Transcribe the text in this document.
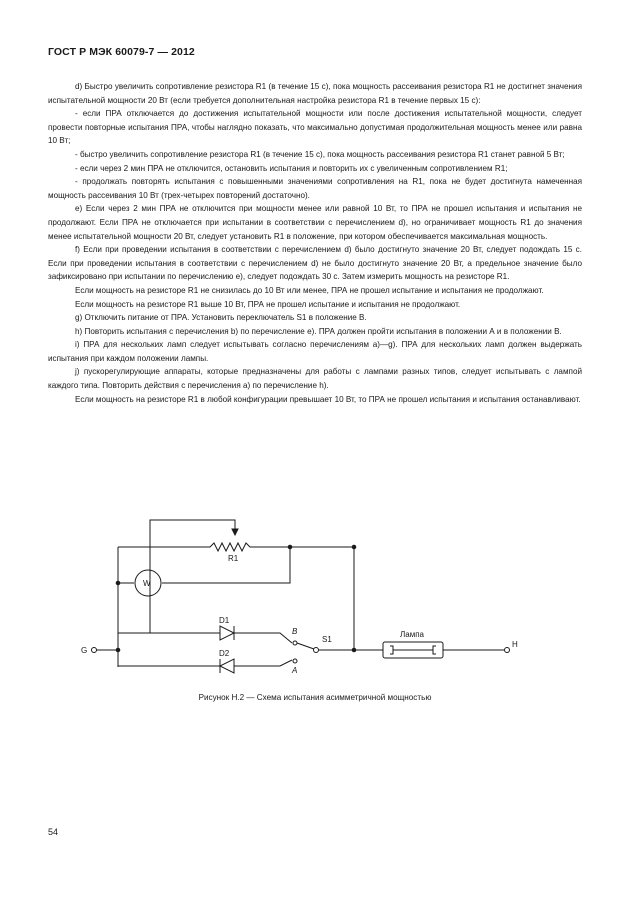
ГОСТ Р МЭК 60079-7 — 2012

d) Быстро увеличить сопротивление резистора R1 (в течение 15 с), пока мощность рассеивания резистора R1 не достигнет значения испытательной мощности 20 Вт (если требуется дополнительная настройка резистора R1 в течение первых 15 с):

- если ПРА отключается до достижения испытательной мощности или после достижения испытательной мощности, следует провести повторные испытания ПРА, чтобы наглядно показать, что максимально допустимая продолжительная мощность менее или равна 10 Вт;

- быстро увеличить сопротивление резистора R1 (в течение 15 с), пока мощность рассеивания резистора R1 станет равной 5 Вт;

- если через 2 мин ПРА не отключится, остановить испытания и повторить их с увеличенным сопротивлением R1;

- продолжать повторять испытания с повышенными значениями сопротивления на R1, пока не будет достигнута намеченная мощность рассеивания 10 Вт (трех-четырех повторений достаточно).

e) Если через 2 мин ПРА не отключится при мощности менее или равной 10 Вт, то ПРА не прошел испытания и испытания не продолжают. Если ПРА не отключается при испытании в соответствии с перечислением d), но ограничивает мощность R1 до значения менее испытательной мощности 20 Вт, следует установить R1 в положение, при котором обеспечивается максимальная мощность.

f) Если при проведении испытания в соответствии с перечислением d) было достигнуто значение 20 Вт, следует подождать 15 с. Если при проведении испытания в соответствии с перечислением d) не было достигнуто значение 20 Вт, а предельное значение было зафиксировано при испытании по перечислению e), следует подождать 30 с. Затем измерить мощность на резисторе R1.

Если мощность на резисторе R1 не снизилась до 10 Вт или менее, ПРА не прошел испытание и испытания не продолжают.

Если мощность на резисторе R1 выше 10 Вт, ПРА не прошел испытание и испытания не продолжают.

g) Отключить питание от ПРА. Установить переключатель S1 в положение В.

h) Повторить испытания с перечисления b) по перечисление e). ПРА должен пройти испытания в положении А и в положении В.

i) ПРА для нескольких ламп следует испытывать согласно перечислениям a)—g). ПРА для нескольких ламп должен выдержать испытания при каждом положении лампы.

j) пускорегулирующие аппараты, которые предназначены для работы с лампами разных типов, следует испытывать с лампой каждого типа. Повторить действия с перечисления a) по перечисление h).

Если мощность на резисторе R1 в любой конфигурации превышает 10 Вт, то ПРА не прошел испытания и испытания останавливают.

R1
W
D1
D2
G
H
S1
B
A
Лампа
Рисунок Н.2 — Схема испытания асимметричной мощностью
54
